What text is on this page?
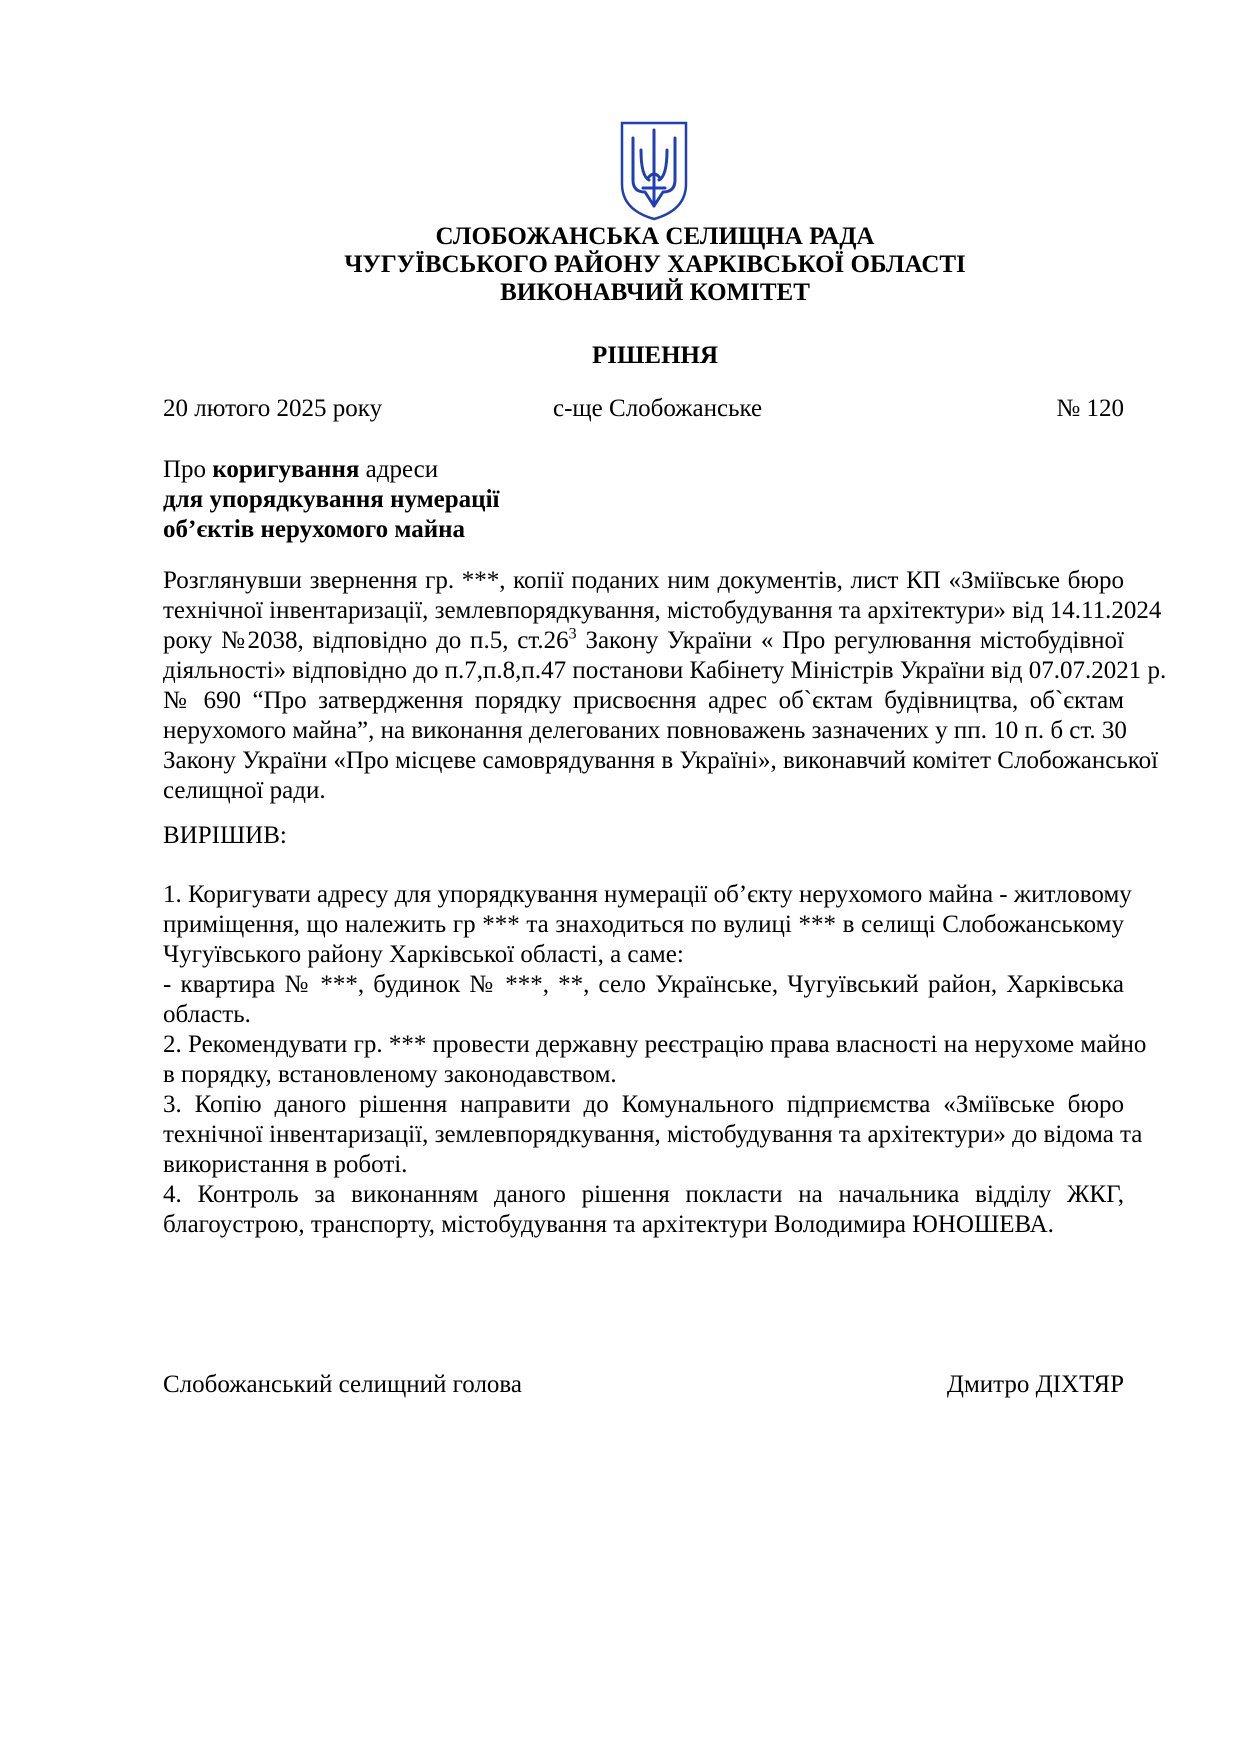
СЛОБОЖАНСЬКА СЕЛИЩНА РАДА
ЧУГУЇВСЬКОГО РАЙОНУ ХАРКІВСЬКОЇ ОБЛАСТІ
ВИКОНАВЧИЙ КОМІТЕТ
РІШЕННЯ
20 лютого 2025 року	с-ще Слобожанське	№ 120
Про коригування адреси
для упорядкування нумерації
об’єктів нерухомого майна
Розглянувши звернення гр. ***, копії поданих ним документів, лист КП «Зміївське бюро
технічної інвентаризації, землевпорядкування, містобудування та архітектури» від 14.11.2024
року №2038, відповідно до п.5, $ст.26^3$ Закону України « Про регулювання містобудівної
діяльності» відповідно до п.7,п.8,п.47 постанови Кабінету Міністрів України від 07.07.2021 р.
№ 690 “Про затвердження порядку присвоєння адрес об`єктам будівництва, об`єктам
нерухомого майна”, на виконання делегованих повноважень зазначених у пп. 10 п. б ст. 30
Закону України «Про місцеве самоврядування в Україні», виконавчий комітет Слобожанської
селищної ради.
ВИРІШИВ:
1. Коригувати адресу для упорядкування нумерації об’єкту нерухомого майна - житловому
приміщення, що належить гр *** та знаходиться по вулиці *** в селищі Слобожанському
Чугуївського району Харківської області, а саме:
- квартира № ***, будинок № ***, **, село Українське, Чугуївський район, Харківська
область.
2. Рекомендувати гр. *** провести державну реєстрацію права власності на нерухоме майно
в порядку, встановленому законодавством.
3. Копію даного рішення направити до Комунального підприємства «Зміївське бюро
технічної інвентаризації, землевпорядкування, містобудування та архітектури» до відома та
використання в роботі.
4. Контроль за виконанням даного рішення покласти на начальника відділу ЖКГ,
благоустрою, транспорту, містобудування та архітектури Володимира ЮНОШЕВА.
Слобожанський селищний голова	Дмитро ДІХТЯР
